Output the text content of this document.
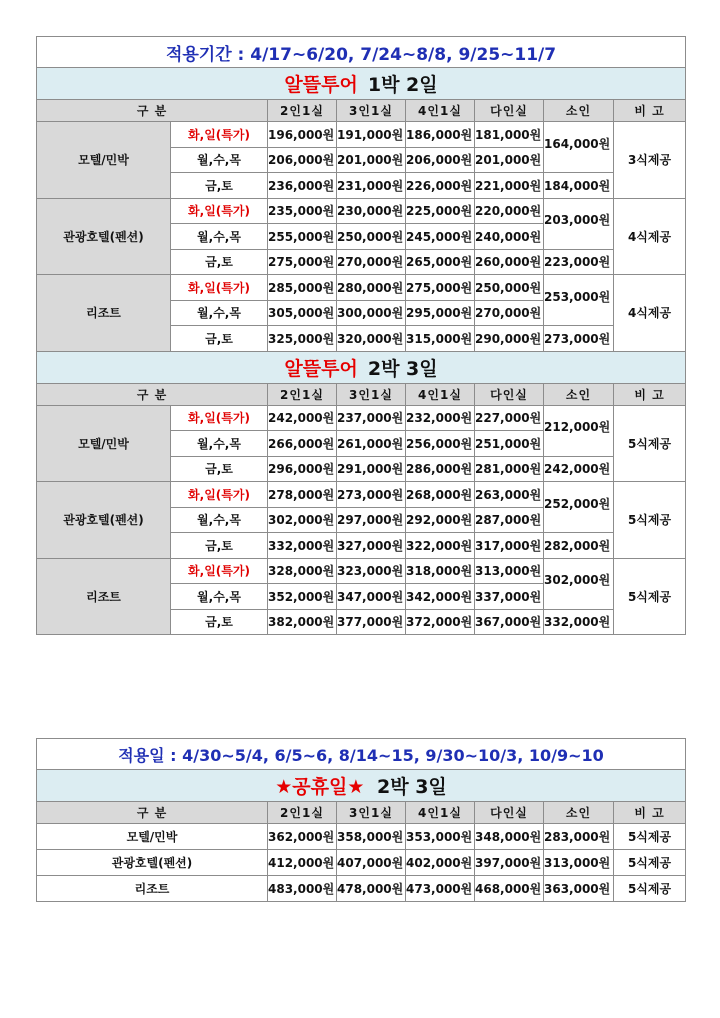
적용기간 : 4/17~6/20, 7/24~8/8, 9/25~11/7							
알뜰투어 1박 2일							
구 분		2인1실	3인1실	4인1실	다인실	소인	비 고
모텔/민박	화,일(특가)	196,000원	191,000원	186,000원	181,000원	164,000원	3식제공
	월,수,목	206,000원	201,000원	206,000원	201,000원		
	금,토	236,000원	231,000원	226,000원	221,000원	184,000원	
관광호텔(펜션)	화,일(특가)	235,000원	230,000원	225,000원	220,000원	203,000원	4식제공
	월,수,목	255,000원	250,000원	245,000원	240,000원		
	금,토	275,000원	270,000원	265,000원	260,000원	223,000원	
리조트	화,일(특가)	285,000원	280,000원	275,000원	250,000원	253,000원	4식제공
	월,수,목	305,000원	300,000원	295,000원	270,000원		
	금,토	325,000원	320,000원	315,000원	290,000원	273,000원	
알뜰투어 2박 3일							
구 분		2인1실	3인1실	4인1실	다인실	소인	비 고
모텔/민박	화,일(특가)	242,000원	237,000원	232,000원	227,000원	212,000원	5식제공
	월,수,목	266,000원	261,000원	256,000원	251,000원		
	금,토	296,000원	291,000원	286,000원	281,000원	242,000원	
관광호텔(펜션)	화,일(특가)	278,000원	273,000원	268,000원	263,000원	252,000원	5식제공
	월,수,목	302,000원	297,000원	292,000원	287,000원		
	금,토	332,000원	327,000원	322,000원	317,000원	282,000원	
리조트	화,일(특가)	328,000원	323,000원	318,000원	313,000원	302,000원	5식제공
	월,수,목	352,000원	347,000원	342,000원	337,000원		
	금,토	382,000원	377,000원	372,000원	367,000원	332,000원	
적용일 : 4/30~5/4, 6/5~6, 8/14~15, 9/30~10/3, 10/9~10						
★공휴일★ 2박 3일						
구 분	2인1실	3인1실	4인1실	다인실	소인	비 고
모텔/민박	362,000원	358,000원	353,000원	348,000원	283,000원	5식제공
관광호텔(펜션)	412,000원	407,000원	402,000원	397,000원	313,000원	5식제공
리조트	483,000원	478,000원	473,000원	468,000원	363,000원	5식제공
